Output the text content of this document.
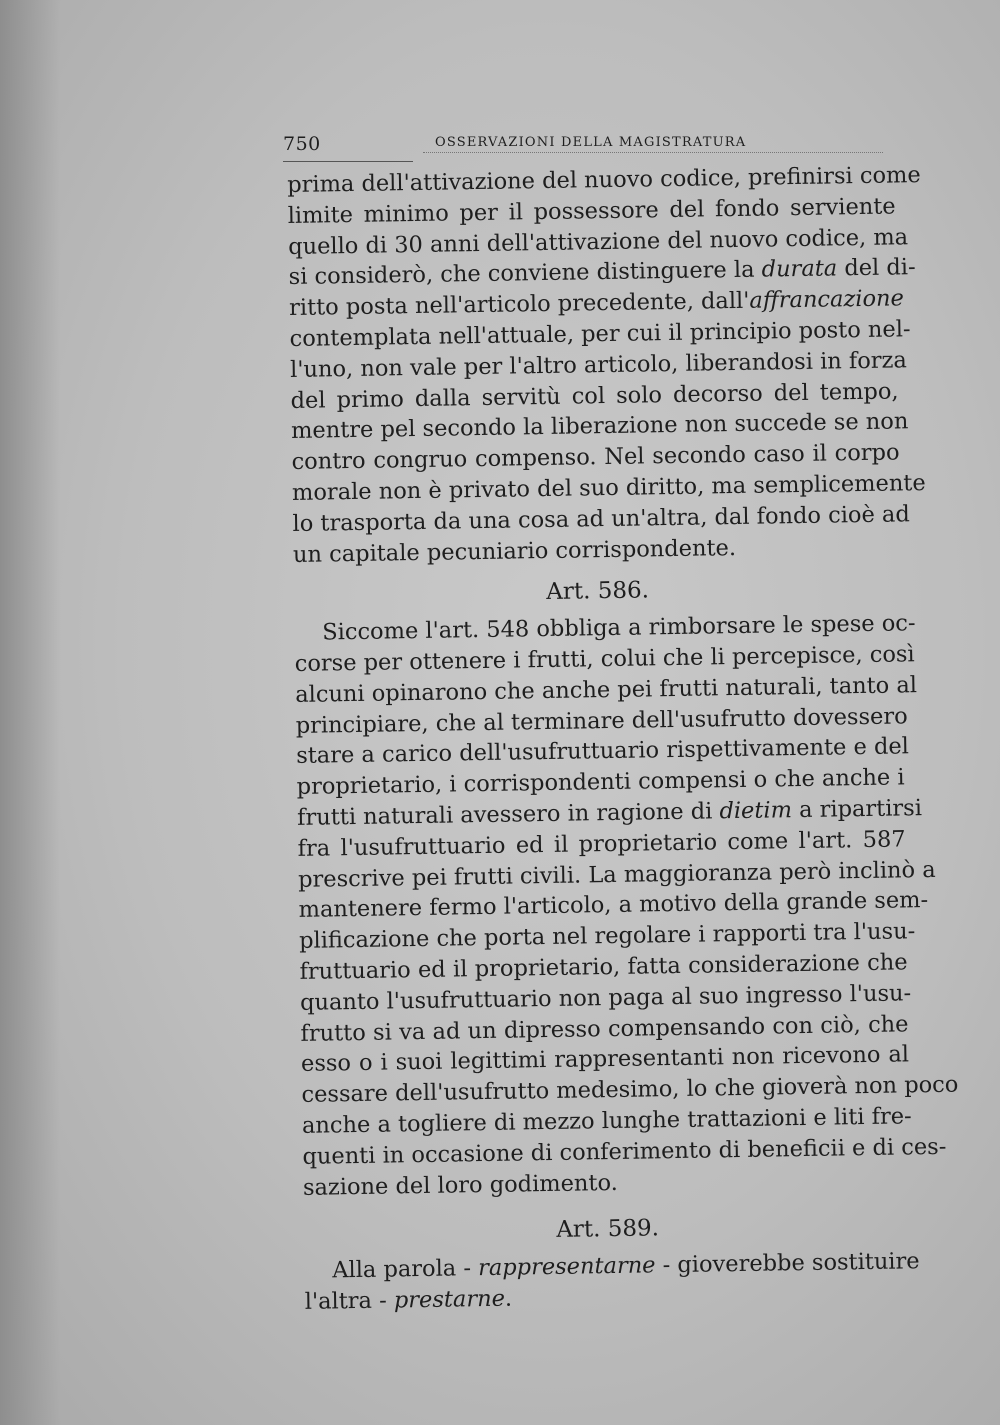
750	OSSERVAZIONI DELLA MAGISTRATURA
prima dell'attivazione del nuovo codice, prefinirsi come
limite minimo per il possessore del fondo serviente
quello di 30 anni dell'attivazione del nuovo codice, ma
si considerò, che conviene distinguere la durata del di-
ritto posta nell'articolo precedente, dall'affrancazione
contemplata nell'attuale, per cui il principio posto nel-
l'uno, non vale per l'altro articolo, liberandosi in forza
del primo dalla servitù col solo decorso del tempo,
mentre pel secondo la liberazione non succede se non
contro congruo compenso. Nel secondo caso il corpo
morale non è privato del suo diritto, ma semplicemente
lo trasporta da una cosa ad un'altra, dal fondo cioè ad
un capitale pecuniario corrispondente.
Art. 586.
Siccome l'art. 548 obbliga a rimborsare le spese oc-
corse per ottenere i frutti, colui che li percepisce, così
alcuni opinarono che anche pei frutti naturali, tanto al
principiare, che al terminare dell'usufrutto dovessero
stare a carico dell'usufruttuario rispettivamente e del
proprietario, i corrispondenti compensi o che anche i
frutti naturali avessero in ragione di dietim a ripartirsi
fra l'usufruttuario ed il proprietario come l'art. 587
prescrive pei frutti civili. La maggioranza però inclinò a
mantenere fermo l'articolo, a motivo della grande sem-
plificazione che porta nel regolare i rapporti tra l'usu-
fruttuario ed il proprietario, fatta considerazione che
quanto l'usufruttuario non paga al suo ingresso l'usu-
frutto si va ad un dipresso compensando con ciò, che
esso o i suoi legittimi rappresentanti non ricevono al
cessare dell'usufrutto medesimo, lo che gioverà non poco
anche a togliere di mezzo lunghe trattazioni e liti fre-
quenti in occasione di conferimento di beneficii e di ces-
sazione del loro godimento.
Art. 589.
Alla parola - rappresentarne - gioverebbe sostituire
l'altra - prestarne.
